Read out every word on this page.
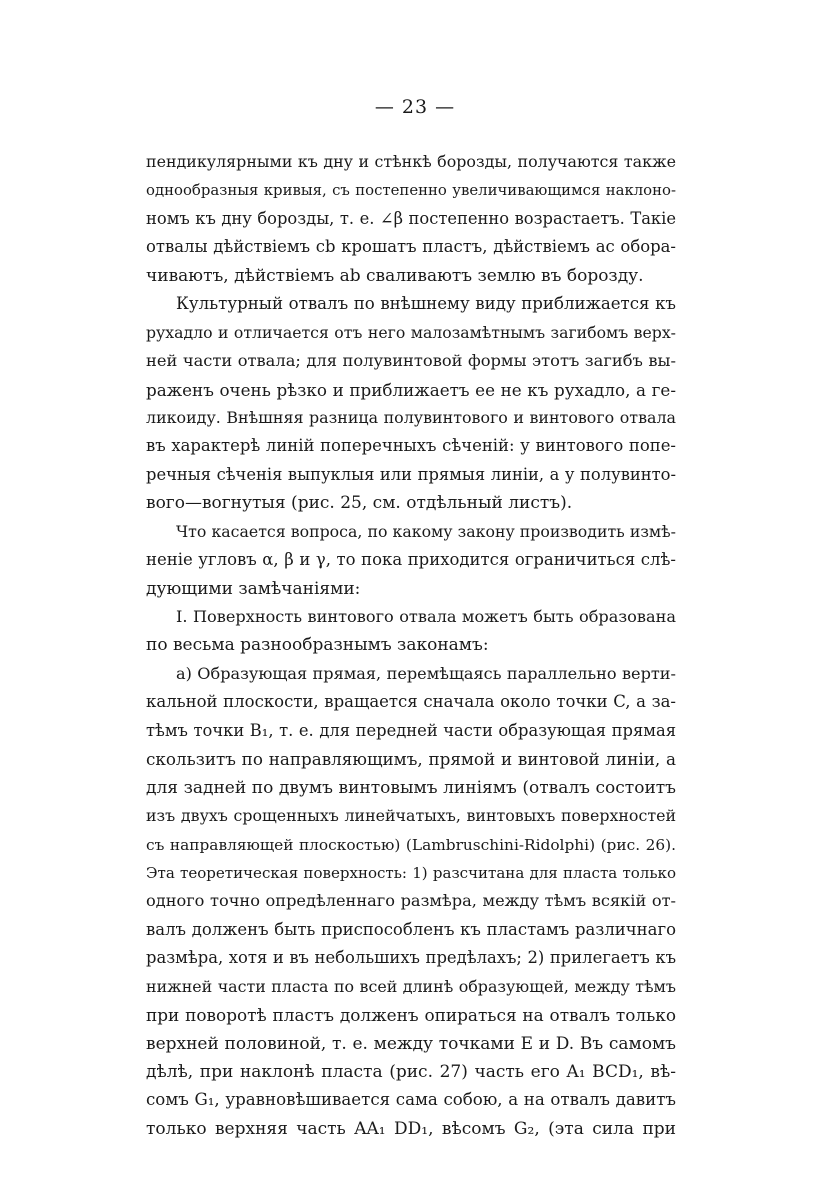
— 23 —

пендикулярными къ дну и стѣнкѣ борозды, получаются также
однообразныя кривыя, съ постепенно увеличивающимся наклоно-
номъ къ дну борозды, т. е. ∠β постепенно возрастаетъ. Такіе
отвалы дѣйствіемъ cb крошатъ пластъ, дѣйствіемъ ac обора-
чиваютъ, дѣйствіемъ ab сваливаютъ землю въ борозду.
Культурный отвалъ по внѣшнему виду приближается къ
рухадло и отличается отъ него малозамѣтнымъ загибомъ верх-
ней части отвала; для полувинтовой формы этотъ загибъ вы-
раженъ очень рѣзко и приближаетъ ее не къ рухадло, а ге-
ликоиду. Внѣшняя разница полувинтового и винтового отвала
въ характерѣ линій поперечныхъ сѣченій: у винтового попе-
речныя сѣченія выпуклыя или прямыя линіи, а у полувинто-
вого—вогнутыя (рис. 25, см. отдѣльный листъ).
Что касается вопроса, по какому закону производить измѣ-
неніе угловъ α, β и γ, то пока приходится ограничиться слѣ-
дующими замѣчаніями:
I. Поверхность винтового отвала можетъ быть образована
по весьма разнообразнымъ законамъ:
а) Образующая прямая, перемѣщаясь параллельно верти-
кальной плоскости, вращается сначала около точки C, а за-
тѣмъ точки B₁, т. е. для передней части образующая прямая
скользитъ по направляющимъ, прямой и винтовой линіи, а
для задней по двумъ винтовымъ линіямъ (отвалъ состоитъ
изъ двухъ срощенныхъ линейчатыхъ, винтовыхъ поверхностей
съ направляющей плоскостью) (Lambruschini-Ridolphi) (рис. 26).
Эта теоретическая поверхность: 1) разсчитана для пласта только
одного точно опредѣленнаго размѣра, между тѣмъ всякій от-
валъ долженъ быть приспособленъ къ пластамъ различнаго
размѣра, хотя и въ небольшихъ предѣлахъ; 2) прилегаетъ къ
нижней части пласта по всей длинѣ образующей, между тѣмъ
при поворотѣ пластъ долженъ опираться на отвалъ только
верхней половиной, т. е. между точками E и D. Въ самомъ
дѣлѣ, при наклонѣ пласта (рис. 27) часть его A₁ BCD₁, вѣ-
сомъ G₁, уравновѣшивается сама собою, а на отвалъ давитъ
только верхняя часть AA₁ DD₁, вѣсомъ G₂, (эта сила при
